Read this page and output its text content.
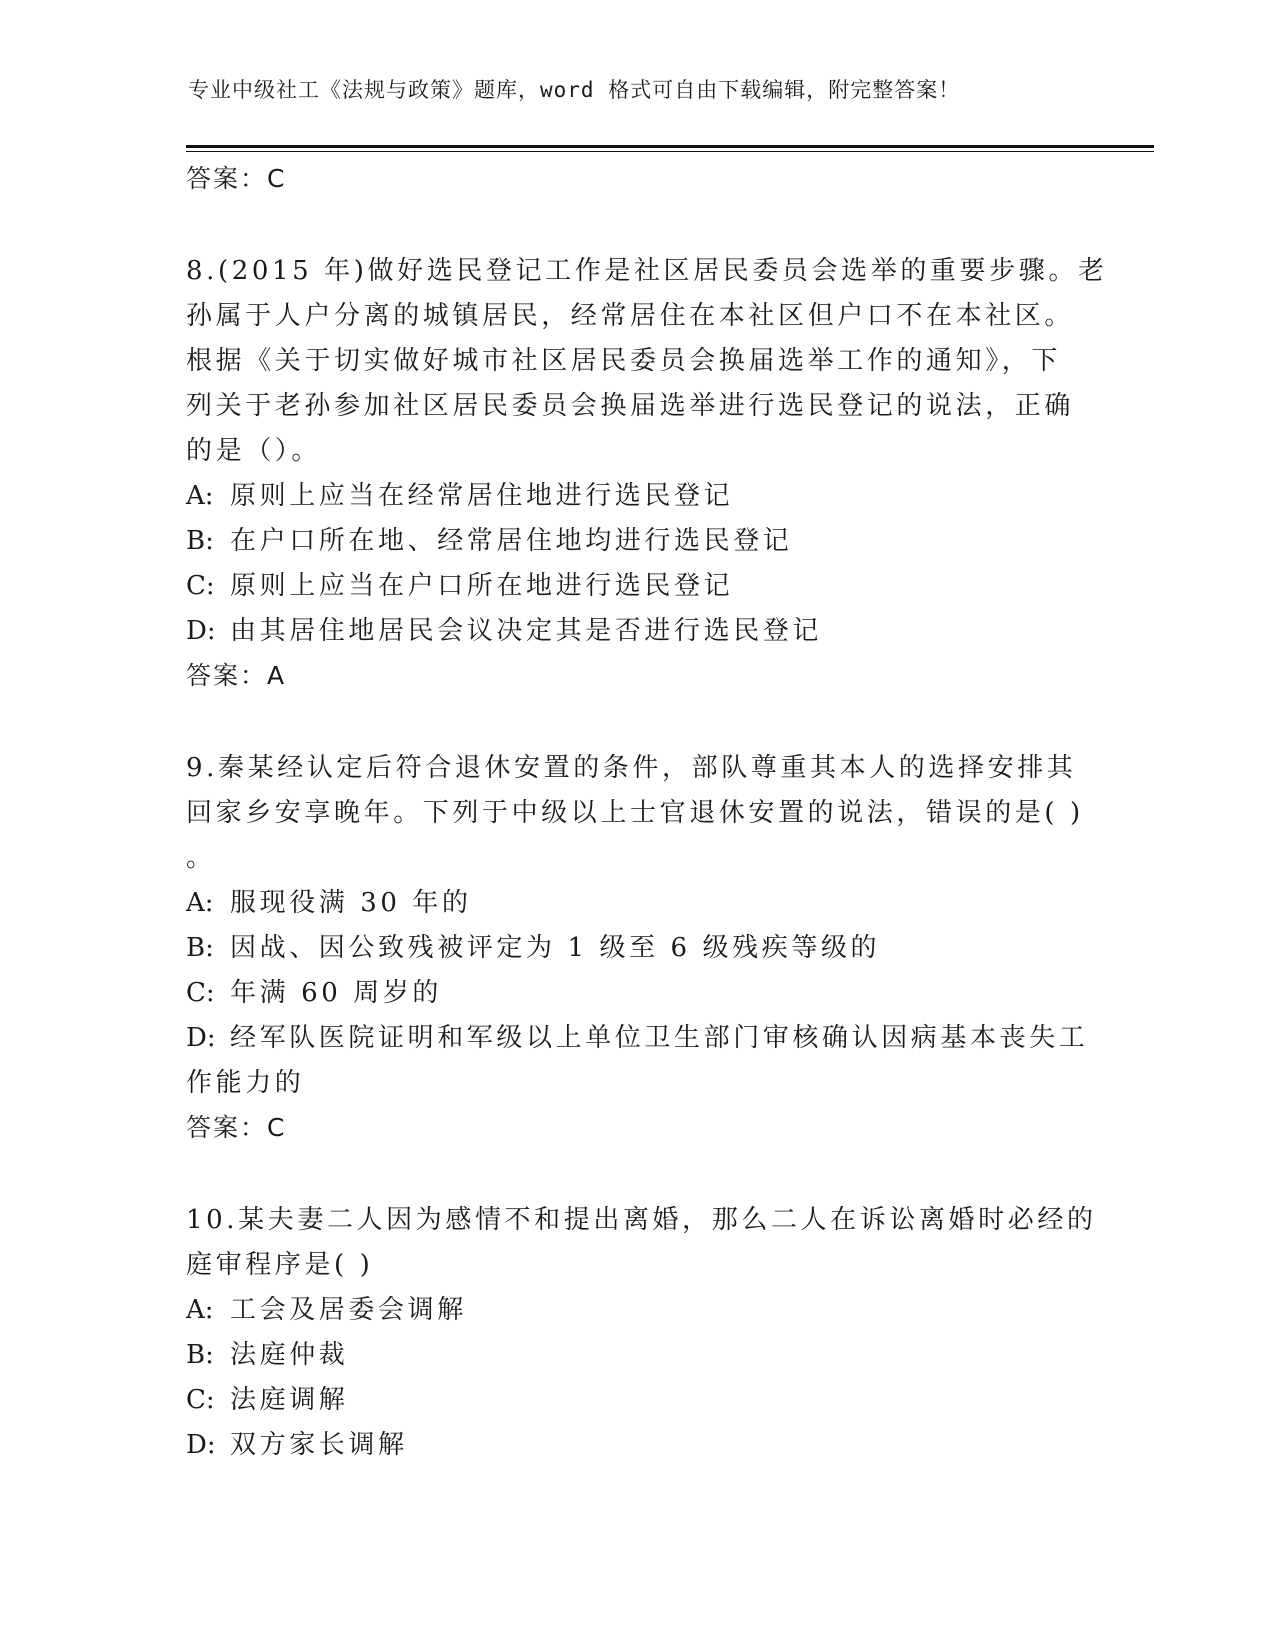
专业中级社工《法规与政策》题库，word 格式可自由下载编辑，附完整答案！
答案：C
8.(2015 年)做好选民登记工作是社区居民委员会选举的重要步骤。老
孙属于人户分离的城镇居民，经常居住在本社区但户口不在本社区。
根据《关于切实做好城市社区居民委员会换届选举工作的通知》，下
列关于老孙参加社区居民委员会换届选举进行选民登记的说法，正确
的是（）。
A: 原则上应当在经常居住地进行选民登记
B: 在户口所在地、经常居住地均进行选民登记
C: 原则上应当在户口所在地进行选民登记
D: 由其居住地居民会议决定其是否进行选民登记
答案：A
9.秦某经认定后符合退休安置的条件，部队尊重其本人的选择安排其
回家乡安享晚年。下列于中级以上士官退休安置的说法，错误的是( )
。
A: 服现役满 30 年的
B: 因战、因公致残被评定为 1 级至 6 级残疾等级的
C: 年满 60 周岁的
D: 经军队医院证明和军级以上单位卫生部门审核确认因病基本丧失工
作能力的
答案：C
10.某夫妻二人因为感情不和提出离婚，那么二人在诉讼离婚时必经的
庭审程序是( )
A: 工会及居委会调解
B: 法庭仲裁
C: 法庭调解
D: 双方家长调解
